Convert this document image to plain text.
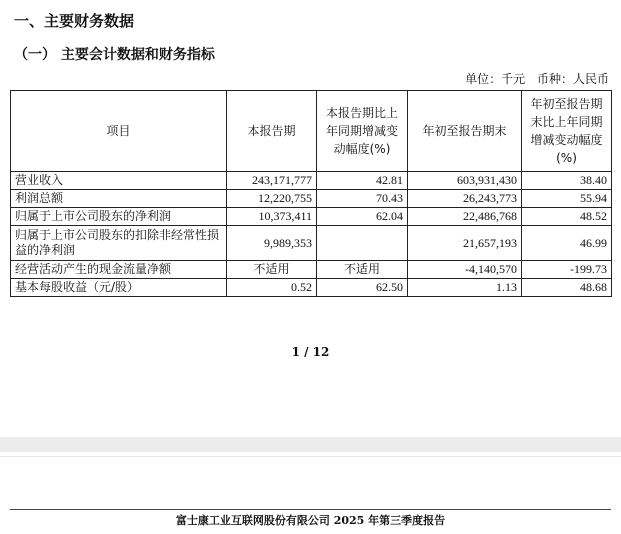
一、主要财务数据
（一） 主要会计数据和财务指标
单位：千元 币种：人民币
项目	本报告期	本报告期比上年同期增减变动幅度(%)	年初至报告期末	年初至报告期末比上年同期增减变动幅度(%)
营业收入	243,171,777	42.81	603,931,430	38.40
利润总额	12,220,755	70.43	26,243,773	55.94
归属于上市公司股东的净利润	10,373,411	62.04	22,486,768	48.52
归属于上市公司股东的扣除非经常性损益的净利润	9,989,353		21,657,193	46.99
经营活动产生的现金流量净额	不适用	不适用	-4,140,570	-199.73
基本每股收益（元/股）	0.52	62.50	1.13	48.68
1 / 12
富士康工业互联网股份有限公司 2025 年第三季度报告
